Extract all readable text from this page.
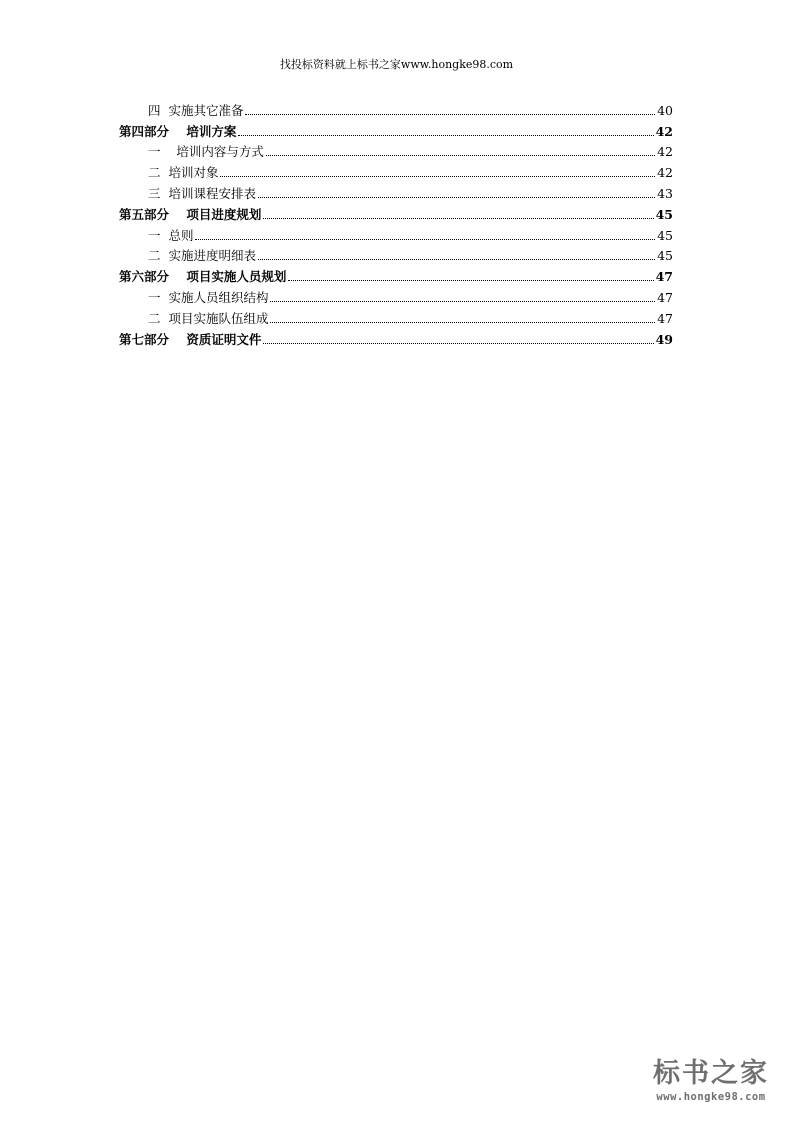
找投标资料就上标书之家www.hongke98.com
四  实施其它准备	40
第四部分    培训方案	42
一    培训内容与方式	42
二  培训对象	42
三  培训课程安排表	43
第五部分    项目进度规划	45
一  总则	45
二  实施进度明细表	45
第六部分    项目实施人员规划	47
一  实施人员组织结构	47
二  项目实施队伍组成	47
第七部分    资质证明文件	49
标书之家
www.hongke98.com
